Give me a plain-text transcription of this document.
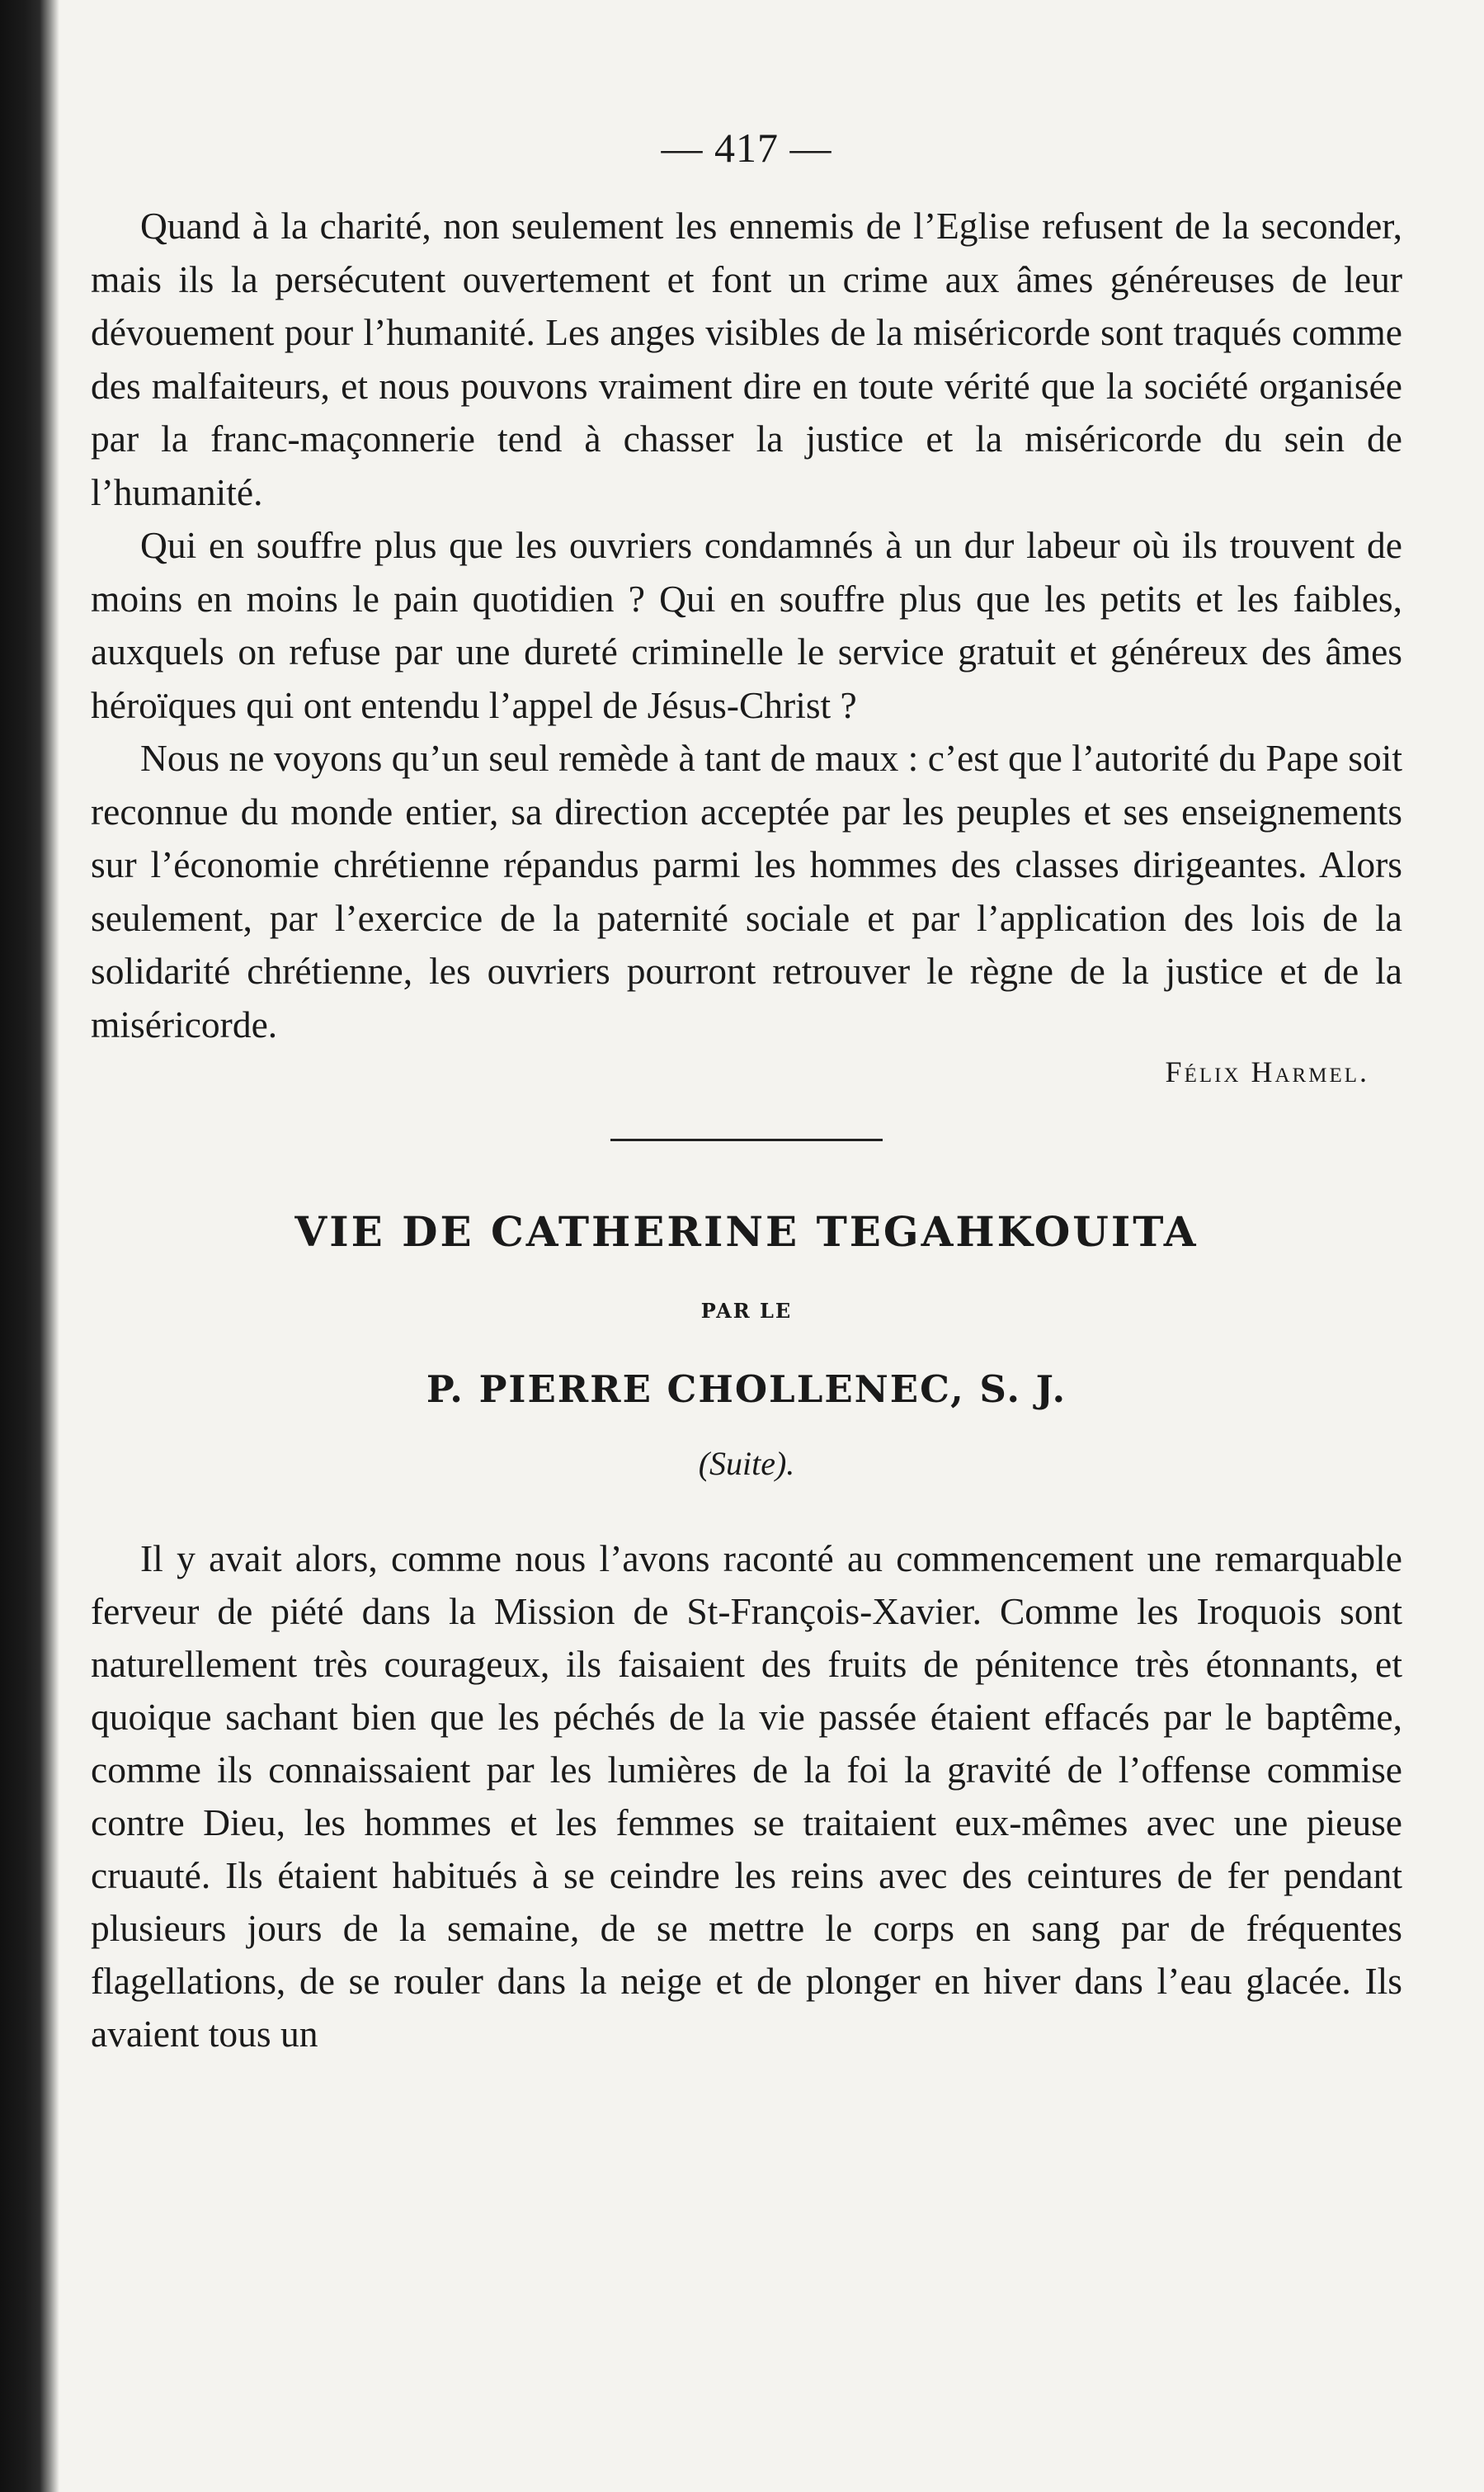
— 417 —

Quand à la charité, non seulement les ennemis de l’Eglise refusent de la seconder, mais ils la persécutent ouvertement et font un crime aux âmes généreuses de leur dévouement pour l’humanité. Les anges visibles de la miséricorde sont traqués comme des malfaiteurs, et nous pouvons vraiment dire en toute vérité que la société organisée par la franc-maçonnerie tend à chasser la justice et la miséricorde du sein de l’humanité.

Qui en souffre plus que les ouvriers condamnés à un dur labeur où ils trouvent de moins en moins le pain quotidien ? Qui en souffre plus que les petits et les faibles, auxquels on refuse par une dureté criminelle le service gratuit et généreux des âmes héroïques qui ont entendu l’appel de Jésus-Christ ?

Nous ne voyons qu’un seul remède à tant de maux : c’est que l’autorité du Pape soit reconnue du monde entier, sa direction acceptée par les peuples et ses enseignements sur l’économie chrétienne répandus parmi les hommes des classes dirigeantes. Alors seulement, par l’exercice de la paternité sociale et par l’application des lois de la solidarité chrétienne, les ouvriers pourront retrouver le règne de la justice et de la miséricorde.

Félix Harmel.
VIE DE CATHERINE TEGAHKOUITA
PAR LE
P. PIERRE CHOLLENEC, S. J.
(Suite).

Il y avait alors, comme nous l’avons raconté au commencement une remarquable ferveur de piété dans la Mission de St-François-Xavier. Comme les Iroquois sont naturellement très courageux, ils faisaient des fruits de pénitence très étonnants, et quoique sachant bien que les péchés de la vie passée étaient effacés par le baptême, comme ils connaissaient par les lumières de la foi la gravité de l’offense commise contre Dieu, les hommes et les femmes se traitaient eux-mêmes avec une pieuse cruauté. Ils étaient habitués à se ceindre les reins avec des ceintures de fer pendant plusieurs jours de la semaine, de se mettre le corps en sang par de fréquentes flagellations, de se rouler dans la neige et de plonger en hiver dans l’eau glacée. Ils avaient tous un
